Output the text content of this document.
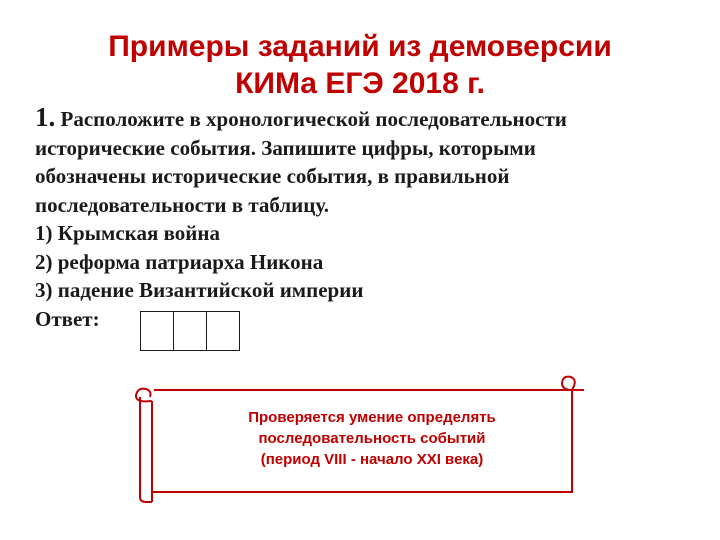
Примеры заданий из демоверсии
КИМа ЕГЭ 2018 г.
1. Расположите в хронологической последовательности
исторические события. Запишите цифры, которыми
обозначены исторические события, в правильной
последовательности в таблицу.
1) Крымская война
2) реформа патриарха Никона
3) падение Византийской империи
Ответ:
Проверяется умение определять
последовательность событий
(период VIII - начало XXI века)
